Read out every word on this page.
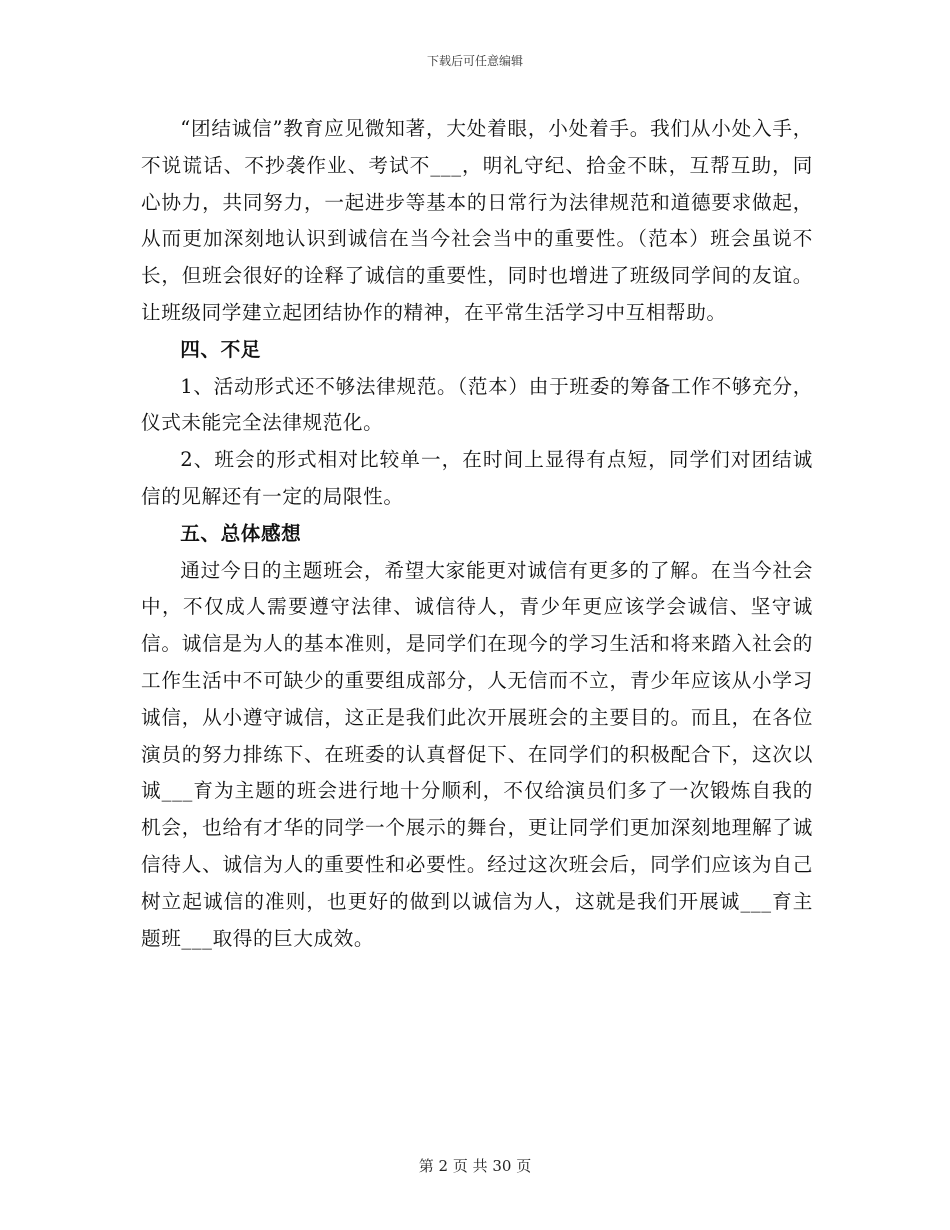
下载后可任意编辑

“团结诚信”教育应见微知著，大处着眼，小处着手。我们从小处入手，不说谎话、不抄袭作业、考试不___，明礼守纪、拾金不昧，互帮互助，同心协力，共同努力，一起进步等基本的日常行为法律规范和道德要求做起，从而更加深刻地认识到诚信在当今社会当中的重要性。（范本）班会虽说不长，但班会很好的诠释了诚信的重要性，同时也增进了班级同学间的友谊。让班级同学建立起团结协作的精神，在平常生活学习中互相帮助。

四、不足

1、活动形式还不够法律规范。（范本）由于班委的筹备工作不够充分，仪式未能完全法律规范化。

2、班会的形式相对比较单一，在时间上显得有点短，同学们对团结诚信的见解还有一定的局限性。

五、总体感想

通过今日的主题班会，希望大家能更对诚信有更多的了解。在当今社会中，不仅成人需要遵守法律、诚信待人，青少年更应该学会诚信、坚守诚信。诚信是为人的基本准则，是同学们在现今的学习生活和将来踏入社会的工作生活中不可缺少的重要组成部分，人无信而不立，青少年应该从小学习诚信，从小遵守诚信，这正是我们此次开展班会的主要目的。而且，在各位演员的努力排练下、在班委的认真督促下、在同学们的积极配合下，这次以诚___育为主题的班会进行地十分顺利，不仅给演员们多了一次锻炼自我的机会，也给有才华的同学一个展示的舞台，更让同学们更加深刻地理解了诚信待人、诚信为人的重要性和必要性。经过这次班会后，同学们应该为自己树立起诚信的准则，也更好的做到以诚信为人，这就是我们开展诚___育主题班___取得的巨大成效。

第 2 页 共 30 页
